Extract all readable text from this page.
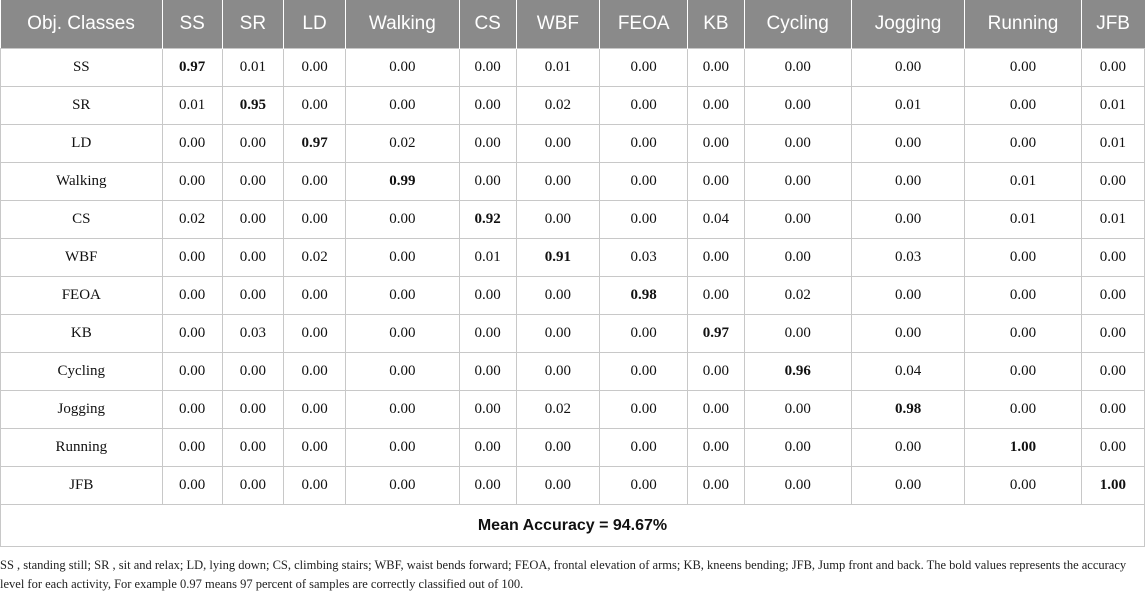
Obj. Classes	SS	SR	LD	Walking	CS	WBF	FEOA	KB	Cycling	Jogging	Running	JFB
SS	0.97	0.01	0.00	0.00	0.00	0.01	0.00	0.00	0.00	0.00	0.00	0.00
SR	0.01	0.95	0.00	0.00	0.00	0.02	0.00	0.00	0.00	0.01	0.00	0.01
LD	0.00	0.00	0.97	0.02	0.00	0.00	0.00	0.00	0.00	0.00	0.00	0.01
Walking	0.00	0.00	0.00	0.99	0.00	0.00	0.00	0.00	0.00	0.00	0.01	0.00
CS	0.02	0.00	0.00	0.00	0.92	0.00	0.00	0.04	0.00	0.00	0.01	0.01
WBF	0.00	0.00	0.02	0.00	0.01	0.91	0.03	0.00	0.00	0.03	0.00	0.00
FEOA	0.00	0.00	0.00	0.00	0.00	0.00	0.98	0.00	0.02	0.00	0.00	0.00
KB	0.00	0.03	0.00	0.00	0.00	0.00	0.00	0.97	0.00	0.00	0.00	0.00
Cycling	0.00	0.00	0.00	0.00	0.00	0.00	0.00	0.00	0.96	0.04	0.00	0.00
Jogging	0.00	0.00	0.00	0.00	0.00	0.02	0.00	0.00	0.00	0.98	0.00	0.00
Running	0.00	0.00	0.00	0.00	0.00	0.00	0.00	0.00	0.00	0.00	1.00	0.00
JFB	0.00	0.00	0.00	0.00	0.00	0.00	0.00	0.00	0.00	0.00	0.00	1.00
Mean Accuracy = 94.67%												
SS , standing still; SR , sit and relax; LD, lying down; CS, climbing stairs; WBF, waist bends forward; FEOA, frontal elevation of arms; KB, kneens bending; JFB, Jump front and back. The bold values represents the accuracy level for each activity, For example 0.97 means 97 percent of samples are correctly classified out of 100.
